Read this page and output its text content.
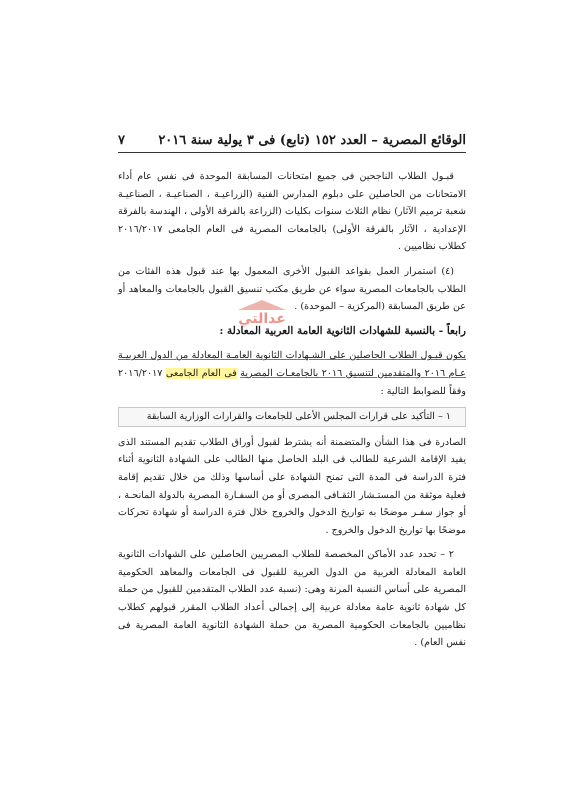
الوقائع المصرية – العدد ١٥٢ (تابع) فى ٣ يولية سنة ٢٠١٦
٧

قبـول الطلاب الناجحين فى جميع امتحانات المسابقة الموحدة فى نفس عام أداء الامتحانات من الحاصلين على دبلوم المدارس الفنية (الزراعيـة ، الصناعيـة ، الصناعيـة شعبة ترميم الآثار) نظام الثلاث سنوات بكليات (الزراعة بالفرقة الأولى ، الهندسة بالفرقة الإعدادية ، الآثار بالفرقة الأولى) بالجامعات المصرية فى العام الجامعى ٢٠١٦/٢٠١٧ كطلاب نظاميين .

(٤) استمرار العمل بقواعد القبول الأخرى المعمول بها عند قبول هذه الفئات من الطلاب بالجامعات المصرية سواء عن طريق مكتب تنسيق القبول بالجامعات والمعاهد أو عن طريق المسابقة (المركزية – الموحدة) .

رابعاً - بالنسبة للشهادات الثانوية العامة العربية المعادلة :

يكون قبـول الطلاب الحاصلين على الشـهادات الثانوية العامـة المعادلة من الدول العربيـة عـام ٢٠١٦ والمتقدمين لتنسيق ٢٠١٦ بالجامعـات المصرية فى العام الجامعى ٢٠١٦/٢٠١٧ وفقاً للضوابط التالية :

١ – التأكيد على قرارات المجلس الأعلى للجامعات والقرارات الوزارية السابقة

الصادرة فى هذا الشأن والمتضمنة أنه يشترط لقبول أوراق الطلاب تقديم المستند الذى يفيد الإقامة الشرعية للطالب فى البلد الحاصل منها الطالب على الشهادة الثانوية أثناء فترة الدراسة فى المدة التى تمنح الشهادة على أساسها وذلك من خلال تقديم إقامة فعلية موثقة من المستـشار الثقـافى المصرى أو من السفـارة المصرية بالدولة المانحـة ، أو جواز سفـر موضحًا به تواريخ الدخول والخروج خلال فترة الدراسة أو شهادة تحركات موضحًا بها تواريخ الدخول والخروج .

٢ – تحدد عدد الأماكن المخصصة للطلاب المصريين الحاصلين على الشهادات الثانوية العامة المعادلة العربية من الدول العربية للقبول فى الجامعات والمعاهد الحكومية المصرية على أساس النسبة المرنة وهى: (نسبة عدد الطلاب المتقدمين للقبول من حملة كل شهادة ثانوية عامة معادلة عربية إلى إجمالى أعداد الطلاب المقرر قبولهم كطلاب نظاميين بالجامعات الحكومية المصرية من حملة الشهادة الثانوية العامة المصرية فى نفس العام) .

عدالتي
